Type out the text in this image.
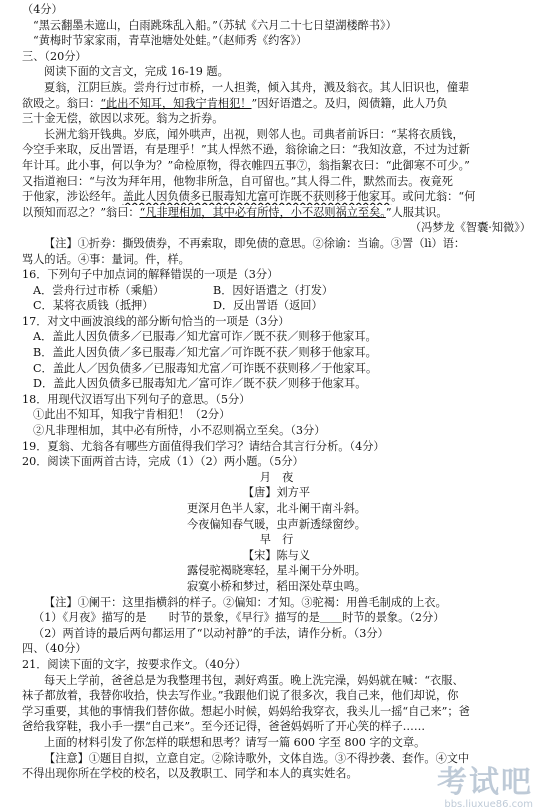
（4分）
“黑云翻墨未遮山，白雨跳珠乱入船。”（苏轼《六月二十七日望湖楼醉书》）
“黄梅时节家家雨，青草池塘处处蛙。”（赵师秀《约客》）
三、（20分）
阅读下面的文言文，完成 16-19 题。
夏翁，江阴巨族。尝舟行过市桥，一人担粪，倾入其舟，溅及翁衣。其人旧识也，僮辈
欲殴之。翁曰：“此出不知耳，知我宁肯相犯！”因好语遣之。及归，阅债籍，此人乃负
三十金无偿，欲因以求死。翁为之折券。
长洲尤翁开钱典。岁底，闻外哄声，出视，则邻人也。司典者前诉曰：“某将衣质钱，
今空手来取，反出詈语，有是理乎！”其人悍然不逊，翁徐谕之曰：“我知汝意，不过为过新
年计耳。此小事，何以争为？”命检原物，得衣帷四五事⑦，翁指絮衣曰：“此御寒不可少。”
又指道袍曰：“与汝为拜年用，他物非所急，自可留也。”其人得二件，默然而去。夜竟死
于他家，涉讼经年。盖此人因负债多已服毒知尤富可诈既不获则移于他家耳。或问尤翁：“何
以预知而忍之？”翁曰：“凡非理相加，其中必有所恃，小不忍则祸立至矣。”人服其识。
（冯梦龙《智囊·知微》）
【注】①折券：撕毁债券，不再索取，即免债的意思。②徐谕：当谕。③詈（lì）语：
骂人的话。④事：量词。件，样。
16．下列句子中加点词的解释错误的一项是（3分）
A．尝舟行过市桥（乘船）	B．因好语遣之（打发）
C．某将衣质钱（抵押）	D．反出詈语（返回）
17．对文中画波浪线的部分断句恰当的一项是（3分）
A．盖此人因负债多／已服毒／知尤富可诈／既不获／则移于他家耳。
B．盖此人因负债／多已服毒／知尤富／可诈既不获／则移于他家耳。
C．盖此人／因负债多／已服毒知尤富／可诈既不获则移／于他家耳。
D．盖此人因负债多已服毒知尤／富可诈／既不获／则移于他家耳。
18．用现代汉语写出下列句子的意思。（5分）
①此出不知耳，知我宁肯相犯！（2分）
②凡非理相加，其中必有所恃，小不忍则祸立至矣。（3分）
19．夏翁、尤翁各有哪些方面值得我们学习？请结合其言行分析。（4分）
20．阅读下面两首古诗，完成（1）（2）两小题。（5分）
月　夜
【唐】刘方平
更深月色半人家，北斗阑干南斗斜。
今夜偏知春气暖，虫声新透绿窗纱。
早　行
【宋】陈与义
露侵驼褐晓寒轻，星斗阑干分外明。
寂寞小桥和梦过，稻田深处草虫鸣。
【注】①阑干：这里指横斜的样子。②偏知：才知。③驼褐：用兽毛制成的上衣。
（1）《月夜》描写的是　　时节的景象，《早行》描写的是＿＿时节的景象。（2分）
（2）两首诗的最后两句都运用了“以动衬静”的手法，请作分析。（3分）
四、（40分）
21．阅读下面的文字，按要求作文。（40分）
每天上学前，爸爸总是为我整理书包，剥好鸡蛋。晚上洗完澡，妈妈就在喊：“衣服、
袜子都放着，我替你收拾，快去写作业。”我跟他们说了很多次，我自己来，他们却说，你
学习重要，其他的事情我们替你做。想起小时候，妈妈给我穿衣，我头儿一摇“自己来”；爸
爸给我穿鞋，我小手一摆“自己来”。至今还记得，爸爸妈妈听了开心笑的样子……
上面的材料引发了你怎样的联想和思考？请写一篇 600 字至 800 字的文章。
【注意】①题目自拟，立意自定。②除诗歌外，文体自选。③不得抄袭、套作。④文中
不得出现你所在学校的校名，以及教职工、同学和本人的真实姓名。	考试吧
bbs.liuxue86.com
